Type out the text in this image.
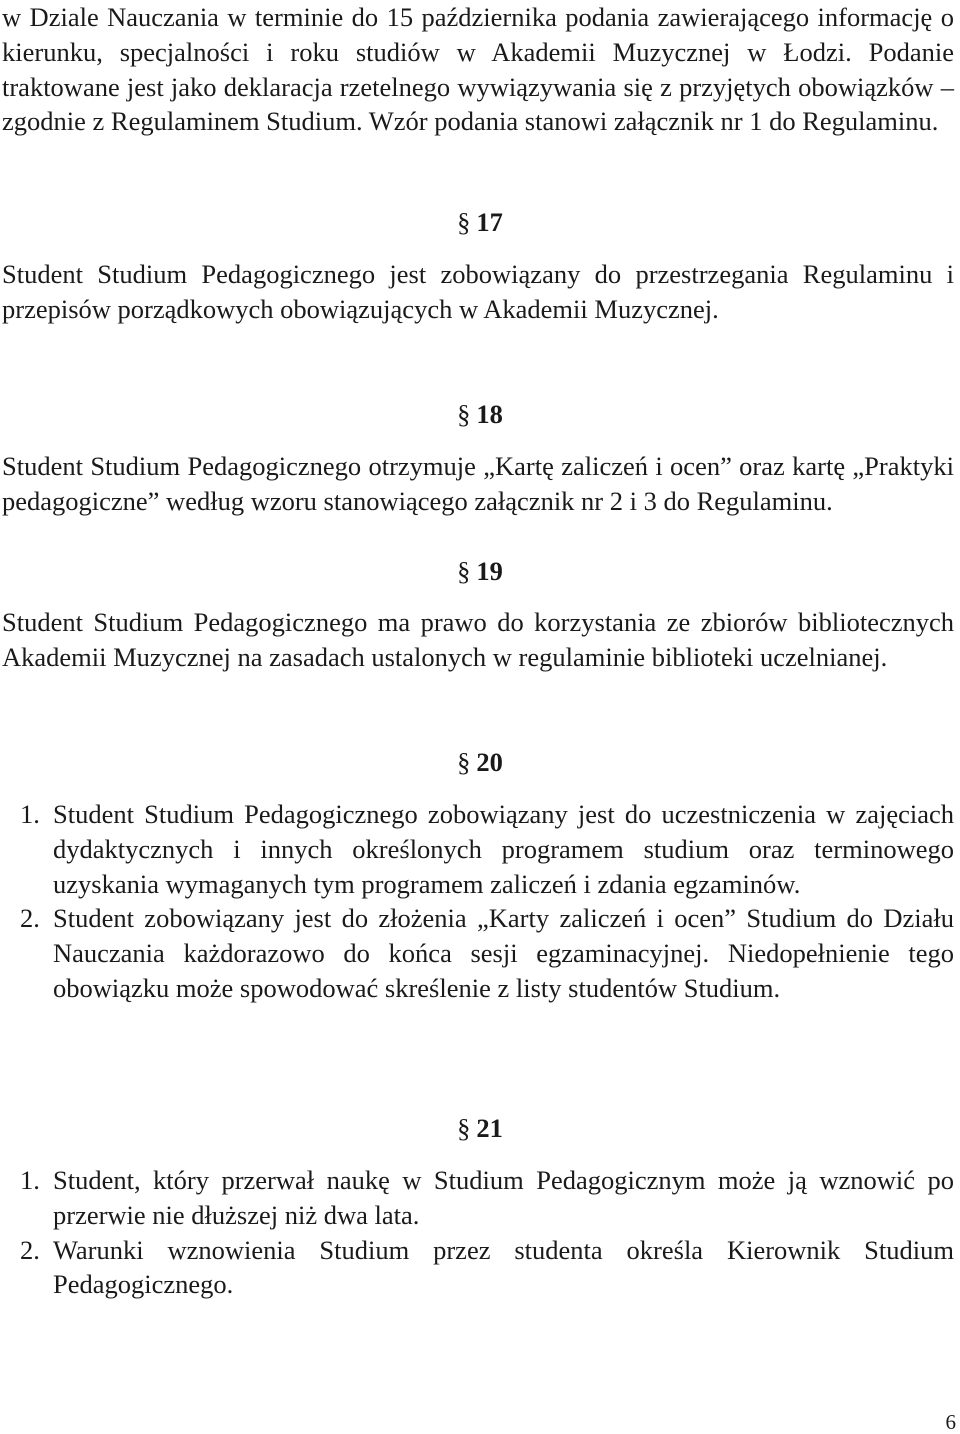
w Dziale Nauczania w terminie do 15 października podania zawierającego informację o kierunku, specjalności i roku studiów w Akademii Muzycznej w Łodzi. Podanie traktowane jest jako deklaracja rzetelnego wywiązywania się z przyjętych obowiązków – zgodnie z Regulaminem Studium. Wzór podania stanowi załącznik nr 1 do Regulaminu.

§ 17

Student Studium Pedagogicznego jest zobowiązany do przestrzegania Regulaminu i przepisów porządkowych obowiązujących w Akademii Muzycznej.

§ 18

Student Studium Pedagogicznego otrzymuje „Kartę zaliczeń i ocen” oraz kartę „Praktyki pedagogiczne” według wzoru stanowiącego załącznik nr 2 i 3 do Regulaminu.

§ 19

Student Studium Pedagogicznego ma prawo do korzystania ze zbiorów bibliotecznych Akademii Muzycznej na zasadach ustalonych w regulaminie biblioteki uczelnianej.

§ 20
1. Student Studium Pedagogicznego zobowiązany jest do uczestniczenia w zajęciach dydaktycznych i innych określonych programem studium oraz terminowego uzyskania wymaganych tym programem zaliczeń i zdania egzaminów.
2. Student zobowiązany jest do złożenia „Karty zaliczeń i ocen” Studium do Działu Nauczania każdorazowo do końca sesji egzaminacyjnej. Niedopełnienie tego obowiązku może spowodować skreślenie z listy studentów Studium.
§ 21
1. Student, który przerwał naukę w Studium Pedagogicznym może ją wznowić po przerwie nie dłuższej niż dwa lata.
2. Warunki wznowienia Studium przez studenta określa Kierownik Studium Pedagogicznego.
6
